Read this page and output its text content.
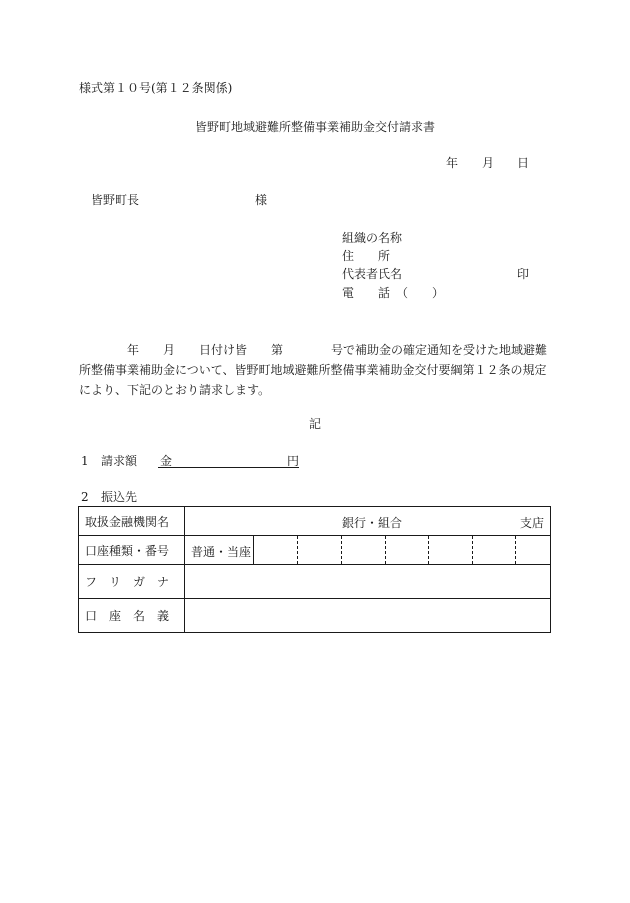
様式第１０号(第１２条関係)
皆野町地域避難所整備事業補助金交付請求書
年 月 日
皆野町長	様
組織の名称
住　　所
代表者氏名	印
電　　話　（　　）
年　　月　　日付け皆　　第　　　　号で補助金の確定通知を受けた地域避難所整備事業補助金について、皆野町地域避難所整備事業補助金交付要綱第１２条の規定により、下記のとおり請求します。
記
1 請求額 金	円
2 振込先
取扱金融機関名	銀行・組合 支店

口座種類・番号	普通・当座

フ　リ　ガ　ナ	
口　座　名　義	
